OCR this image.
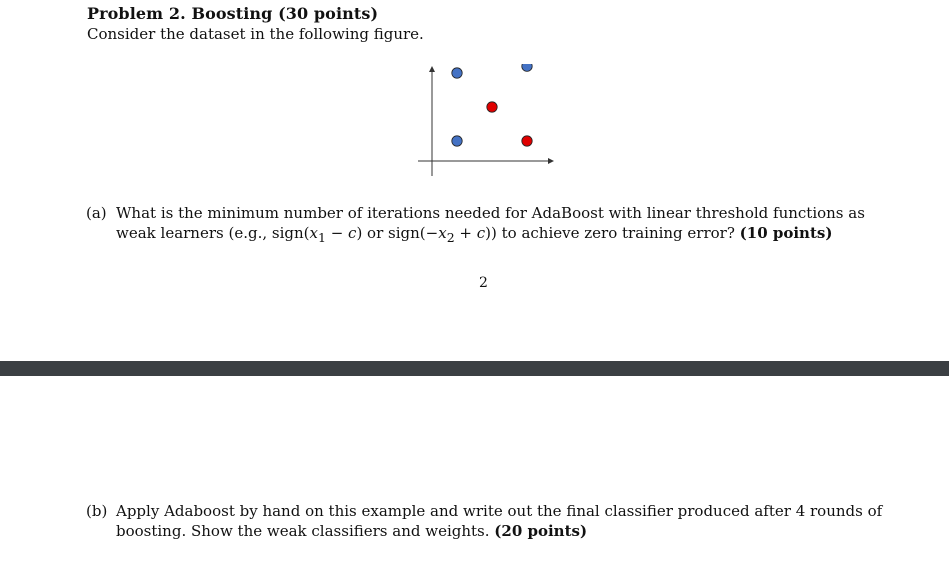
Problem 2. Boosting (30 points)

Consider the dataset in the following figure.

(a) What is the minimum number of iterations needed for AdaBoost with linear threshold functions as weak learners (e.g., $sign(x_1 - c)$ or $sign(-x_2 + c)$) to achieve zero training error? (10 points)
2
(b) Apply Adaboost by hand on this example and write out the final classifier produced after 4 rounds of boosting. Show the weak classifiers and weights. (20 points)
